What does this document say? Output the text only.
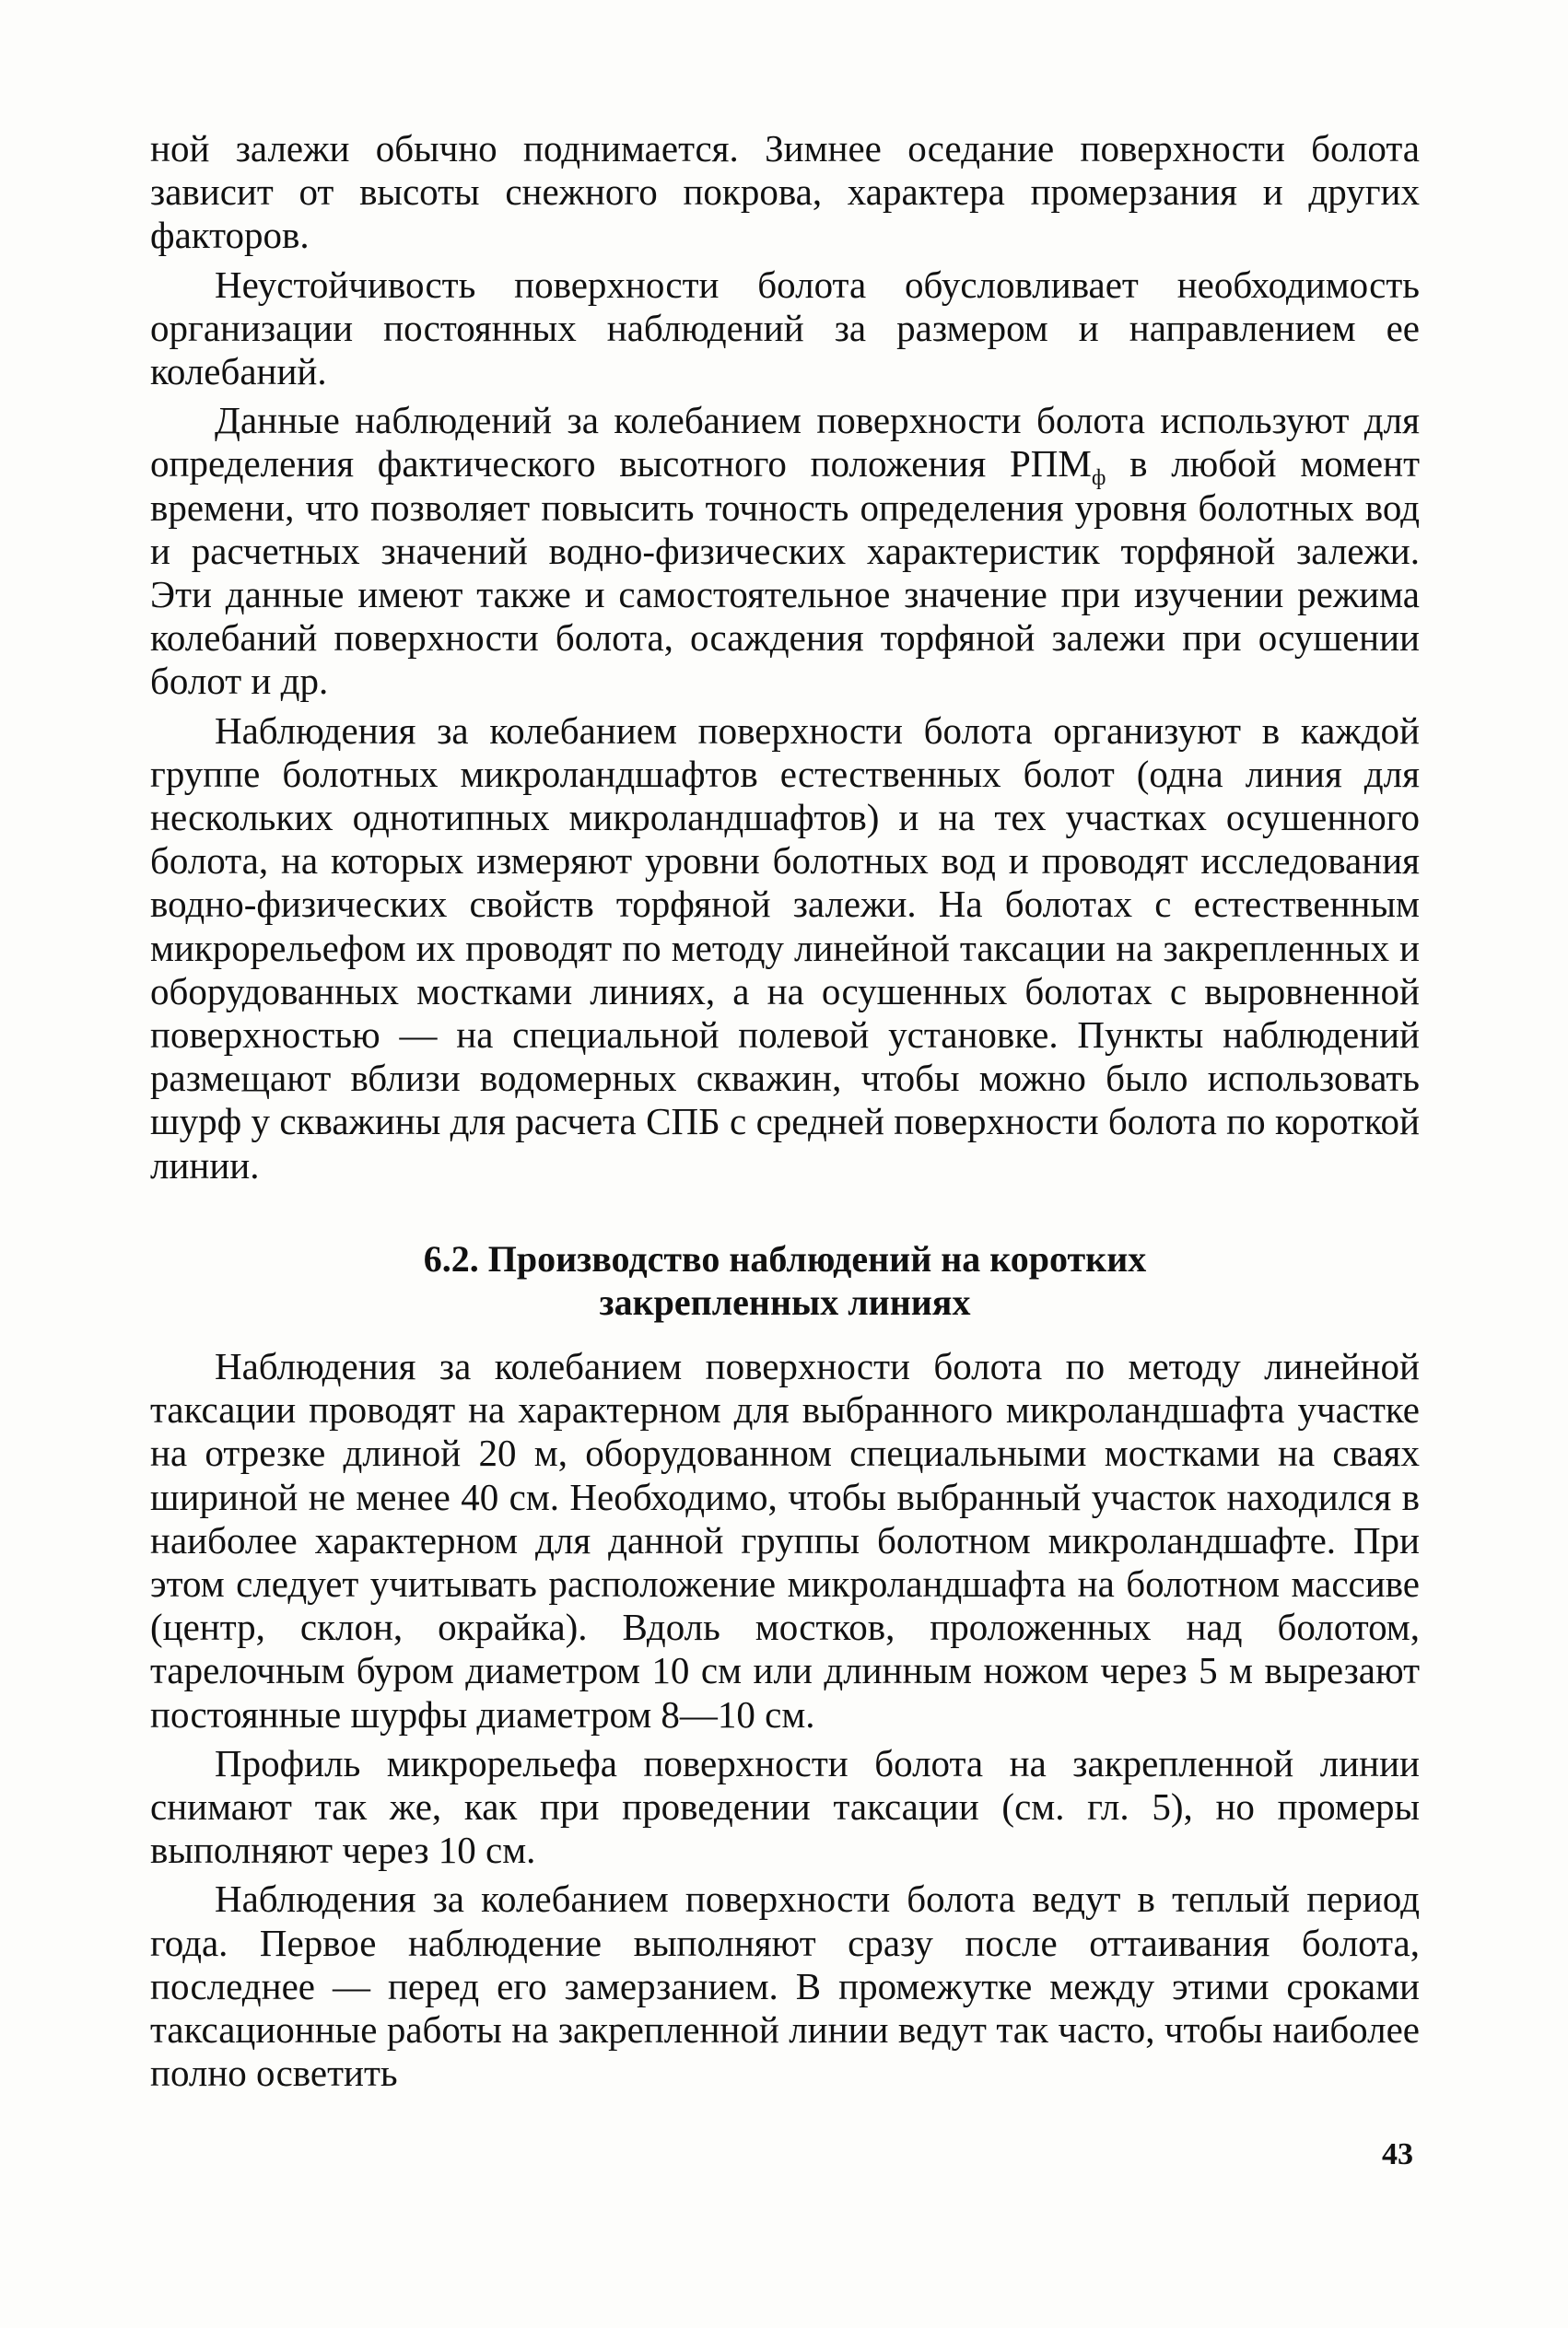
ной залежи обычно поднимается. Зимнее оседание поверхности болота зависит от высоты снежного покрова, характера промерзания и других факторов.

Неустойчивость поверхности болота обусловливает необходимость организации постоянных наблюдений за размером и направлением ее колебаний.

Данные наблюдений за колебанием поверхности болота используют для определения фактического высотного положения $РПМ_ф$ в любой момент времени, что позволяет повысить точность определения уровня болотных вод и расчетных значений водно-физических характеристик торфяной залежи. Эти данные имеют также и самостоятельное значение при изучении режима колебаний поверхности болота, осаждения торфяной залежи при осушении болот и др.

Наблюдения за колебанием поверхности болота организуют в каждой группе болотных микроландшафтов естественных болот (одна линия для нескольких однотипных микроландшафтов) и на тех участках осушенного болота, на которых измеряют уровни болотных вод и проводят исследования водно-физических свойств торфяной залежи. На болотах с естественным микрорельефом их проводят по методу линейной таксации на закрепленных и оборудованных мостками линиях, а на осушенных болотах с выровненной поверхностью — на специальной полевой установке. Пункты наблюдений размещают вблизи водомерных скважин, чтобы можно было использовать шурф у скважины для расчета СПБ с средней поверхности болота по короткой линии.

6.2. Производство наблюдений на коротких
закрепленных линиях

Наблюдения за колебанием поверхности болота по методу линейной таксации проводят на характерном для выбранного микроландшафта участке на отрезке длиной 20 м, оборудованном специальными мостками на сваях шириной не менее 40 см. Необходимо, чтобы выбранный участок находился в наиболее характерном для данной группы болотном микроландшафте. При этом следует учитывать расположение микроландшафта на болотном массиве (центр, склон, окрайка). Вдоль мостков, проложенных над болотом, тарелочным буром диаметром 10 см или длинным ножом через 5 м вырезают постоянные шурфы диаметром 8—10 см.

Профиль микрорельефа поверхности болота на закрепленной линии снимают так же, как при проведении таксации (см. гл. 5), но промеры выполняют через 10 см.

Наблюдения за колебанием поверхности болота ведут в теплый период года. Первое наблюдение выполняют сразу после оттаивания болота, последнее — перед его замерзанием. В промежутке между этими сроками таксационные работы на закрепленной линии ведут так часто, чтобы наиболее полно осветить

43
